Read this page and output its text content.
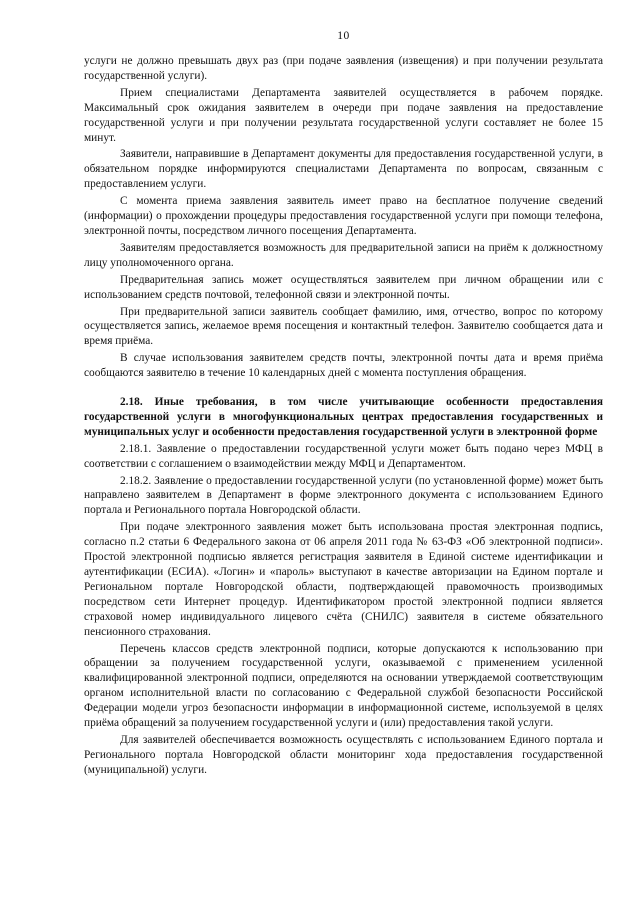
10

услуги не должно превышать двух раз (при подаче заявления (извещения) и при получении результата государственной услуги).

Прием специалистами Департамента заявителей осуществляется в рабочем порядке. Максимальный срок ожидания заявителем в очереди при подаче заявления на предоставление государственной услуги и при получении результата государственной услуги составляет не более 15 минут.

Заявители, направившие в Департамент документы для предоставления государственной услуги, в обязательном порядке информируются специалистами Департамента по вопросам, связанным с предоставлением услуги.

С момента приема заявления заявитель имеет право на бесплатное получение сведений (информации) о прохождении процедуры предоставления государственной услуги при помощи телефона, электронной почты, посредством личного посещения Департамента.

Заявителям предоставляется возможность для предварительной записи на приём к должностному лицу уполномоченного органа.

Предварительная запись может осуществляться заявителем при личном обращении или с использованием средств почтовой, телефонной связи и электронной почты.

При предварительной записи заявитель сообщает фамилию, имя, отчество, вопрос по которому осуществляется запись, желаемое время посещения и контактный телефон. Заявителю сообщается дата и время приёма.

В случае использования заявителем средств почты, электронной почты дата и время приёма сообщаются заявителю в течение 10 календарных дней с момента поступления обращения.

2.18. Иные требования, в том числе учитывающие особенности предоставления государственной услуги в многофункциональных центрах предоставления государственных и муниципальных услуг и особенности предоставления государственной услуги в электронной форме

2.18.1. Заявление о предоставлении государственной услуги может быть подано через МФЦ в соответствии с соглашением о взаимодействии между МФЦ и Департаментом.

2.18.2. Заявление о предоставлении государственной услуги (по установленной форме) может быть направлено заявителем в Департамент в форме электронного документа с использованием Единого портала и Регионального портала Новгородской области.

При подаче электронного заявления может быть использована простая электронная подпись, согласно п.2 статьи 6 Федерального закона от 06 апреля 2011 года № 63-ФЗ «Об электронной подписи». Простой электронной подписью является регистрация заявителя в Единой системе идентификации и аутентификации (ЕСИА). «Логин» и «пароль» выступают в качестве авторизации на Едином портале и Региональном портале Новгородской области, подтверждающей правомочность производимых посредством сети Интернет процедур. Идентификатором простой электронной подписи является страховой номер индивидуального лицевого счёта (СНИЛС) заявителя в системе обязательного пенсионного страхования.

Перечень классов средств электронной подписи, которые допускаются к использованию при обращении за получением государственной услуги, оказываемой с применением усиленной квалифицированной электронной подписи, определяются на основании утверждаемой соответствующим органом исполнительной власти по согласованию с Федеральной службой безопасности Российской Федерации модели угроз безопасности информации в информационной системе, используемой в целях приёма обращений за получением государственной услуги и (или) предоставления такой услуги.

Для заявителей обеспечивается возможность осуществлять с использованием Единого портала и Регионального портала Новгородской области мониторинг хода предоставления государственной (муниципальной) услуги.
